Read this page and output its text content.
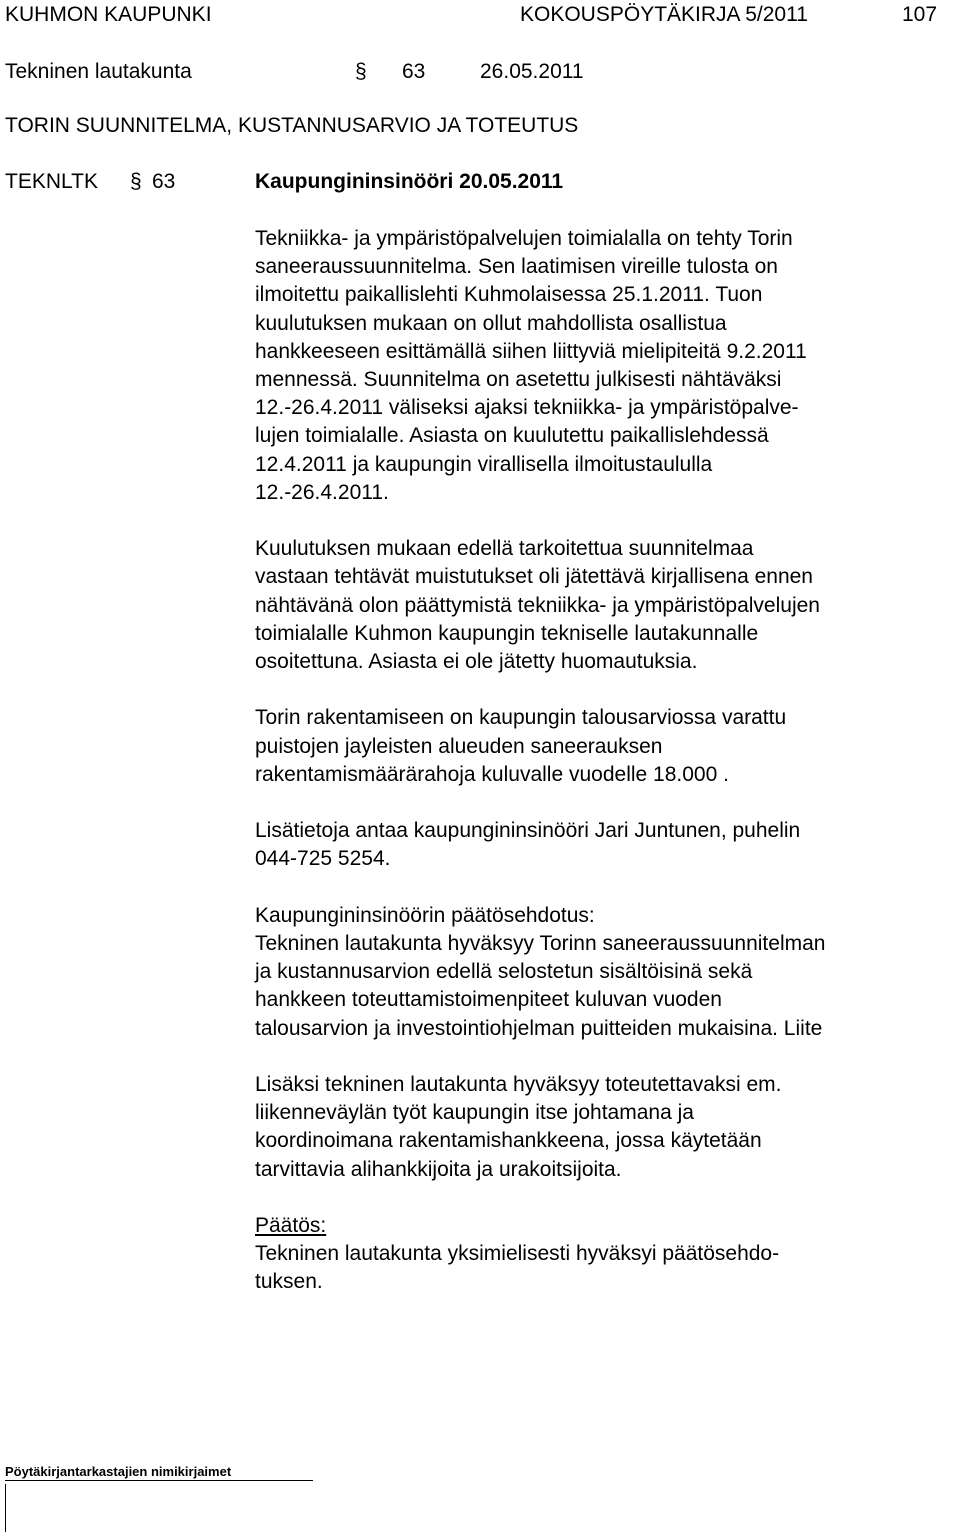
KUHMON KAUPUNKI	KOKOUSPÖYTÄKIRJA 5/2011	107
Tekninen lautakunta	§ 63	26.05.2011
TORIN SUUNNITELMA, KUSTANNUSARVIO JA TOTEUTUS
TEKNLTK § 63	Kaupungininsinööri 20.05.2011

Tekniikka- ja ympäristöpalvelujen toimialalla on tehty Torin
saneeraussuunnitelma. Sen laatimisen vireille tulosta on
ilmoitettu paikallislehti Kuhmolaisessa 25.1.2011. Tuon
kuulutuksen mukaan on ollut mahdollista osallistua
hankkeeseen esittämällä siihen liittyviä mielipiteitä 9.2.2011
mennessä. Suunnitelma on asetettu julkisesti nähtäväksi
12.-26.4.2011 väliseksi ajaksi tekniikka- ja ympäristöpalve-
lujen toimialalle. Asiasta on kuulutettu paikallislehdessä
12.4.2011 ja kaupungin virallisella ilmoitustaululla
12.-26.4.2011.

Kuulutuksen mukaan edellä tarkoitettua suunnitelmaa
vastaan tehtävät muistutukset oli jätettävä kirjallisena ennen
nähtävänä olon päättymistä tekniikka- ja ympäristöpalvelujen
toimialalle Kuhmon kaupungin tekniselle lautakunnalle
osoitettuna. Asiasta ei ole jätetty huomautuksia.

Torin rakentamiseen on kaupungin talousarviossa varattu
puistojen jayleisten alueuden saneerauksen
rakentamismäärärahoja kuluvalle vuodelle 18.000 .

Lisätietoja antaa kaupungininsinööri Jari Juntunen, puhelin
044-725 5254.

Kaupungininsinöörin päätösehdotus:

Tekninen lautakunta hyväksyy Torinn saneeraussuunnitelman
ja kustannusarvion edellä selostetun sisältöisinä sekä
hankkeen toteuttamistoimenpiteet kuluvan vuoden
talousarvion ja investointiohjelman puitteiden mukaisina. Liite

Lisäksi tekninen lautakunta hyväksyy toteutettavaksi em.
liikenneväylän työt kaupungin itse johtamana ja
koordinoimana rakentamishankkeena, jossa käytetään
tarvittavia alihankkijoita ja urakoitsijoita.

Päätös:

Tekninen lautakunta yksimielisesti hyväksyi päätösehdo-
tuksen.

Pöytäkirjantarkastajien nimikirjaimet
